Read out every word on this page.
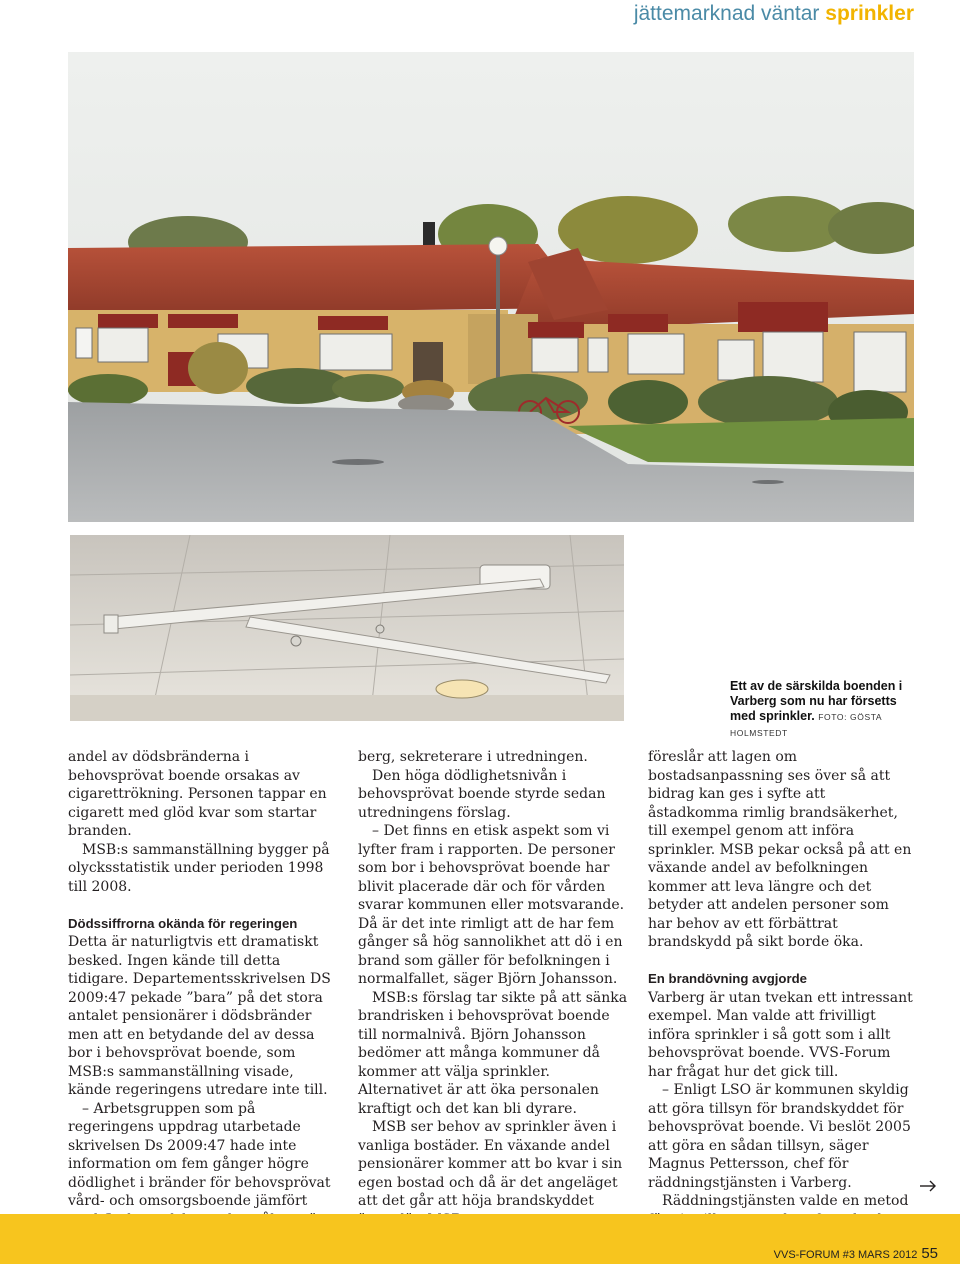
jättemarknad väntar sprinkler
Ett av de särskilda boenden i Varberg som nu har försetts med sprinkler. FOTO: GÖSTA HOLMSTEDT

andel av dödsbränderna i behovsprövat boende orsakas av cigarettrökning. Personen tappar en cigarett med glöd kvar som startar branden.

MSB:s sammanställning bygger på olycksstatistik under perioden 1998 till 2008.

Dödssiffrorna okända för regeringen

Detta är naturligtvis ett dramatiskt besked. Ingen kände till detta tidigare. Departementsskrivelsen DS 2009:47 pekade ”bara” på det stora antalet pensionärer i dödsbränder men att en betydande del av dessa bor i behovsprövat boende, som MSB:s sammanställning visade, kände regeringens utredare inte till.

– Arbetsgruppen som på regeringens uppdrag utarbetade skrivelsen Ds 2009:47 hade inte information om fem gånger högre dödlighet i bränder för behovsprövat vård- och omsorgsboende jämfört

berg, sekreterare i utredningen.

Den höga dödlighetsnivån i behovsprövat boende styrde sedan utredningens förslag.

– Det finns en etisk aspekt som vi lyfter fram i rapporten. De personer som bor i behovsprövat boende har blivit placerade där och för vården svarar kommunen eller motsvarande. Då är det inte rimligt att de har fem gånger så hög sannolikhet att dö i en brand som gäller för befolkningen i normalfallet, säger Björn Johansson.

MSB:s förslag tar sikte på att sänka brandrisken i behovsprövat boende till normalnivå. Björn Johansson bedömer att många kommuner då kommer att välja sprinkler. Alternativet är att öka personalen kraftigt och det kan bli dyrare.

MSB ser behov av sprinkler även i vanliga bostäder. En växande andel pensionärer kommer att bo kvar i sin egen bostad och då är det angeläget att det går att höja brandskyddet

föreslår att lagen om bostadsanpassning ses över så att bidrag kan ges i syfte att åstadkomma rimlig brandsäkerhet, till exempel genom att införa sprinkler. MSB pekar också på att en växande andel av befolkningen kommer att leva längre och det betyder att andelen personer som har behov av ett förbättrat brandskydd på sikt borde öka.

En brandövning avgjorde

Varberg är utan tvekan ett intressant exempel. Man valde att frivilligt införa sprinkler i så gott som i allt behovsprövat boende. VVS-Forum har frågat hur det gick till.

– Enligt LSO är kommunen skyldig att göra tillsyn för brandskyddet för behovsprövat boende. Vi beslöt 2005 att göra en sådan tillsyn, säger Magnus Pettersson, chef för räddningstjänsten i Varberg.

Räddningstjänsten valde en metod

VVS-FORUM #3 MARS 2012 55
